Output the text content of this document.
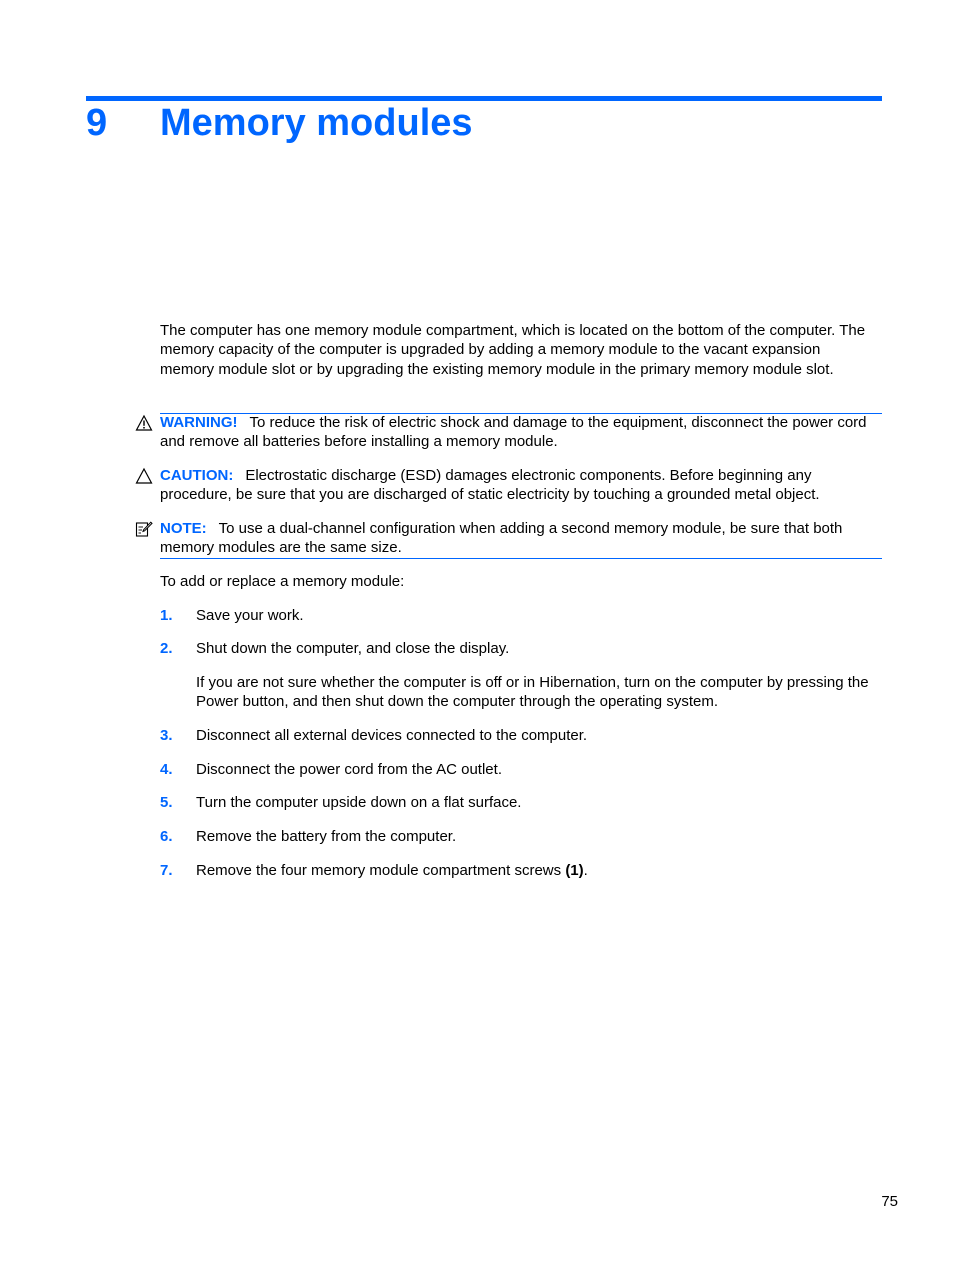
9 Memory modules
The computer has one memory module compartment, which is located on the bottom of the computer. The memory capacity of the computer is upgraded by adding a memory module to the vacant expansion memory module slot or by upgrading the existing memory module in the primary memory module slot.
WARNING! To reduce the risk of electric shock and damage to the equipment, disconnect the power cord and remove all batteries before installing a memory module.
CAUTION: Electrostatic discharge (ESD) damages electronic components. Before beginning any procedure, be sure that you are discharged of static electricity by touching a grounded metal object.
NOTE: To use a dual-channel configuration when adding a second memory module, be sure that both memory modules are the same size.
To add or replace a memory module:
1. Save your work.
2. Shut down the computer, and close the display.
If you are not sure whether the computer is off or in Hibernation, turn on the computer by pressing the Power button, and then shut down the computer through the operating system.
3. Disconnect all external devices connected to the computer.
4. Disconnect the power cord from the AC outlet.
5. Turn the computer upside down on a flat surface.
6. Remove the battery from the computer.
7. Remove the four memory module compartment screws (1).
75
